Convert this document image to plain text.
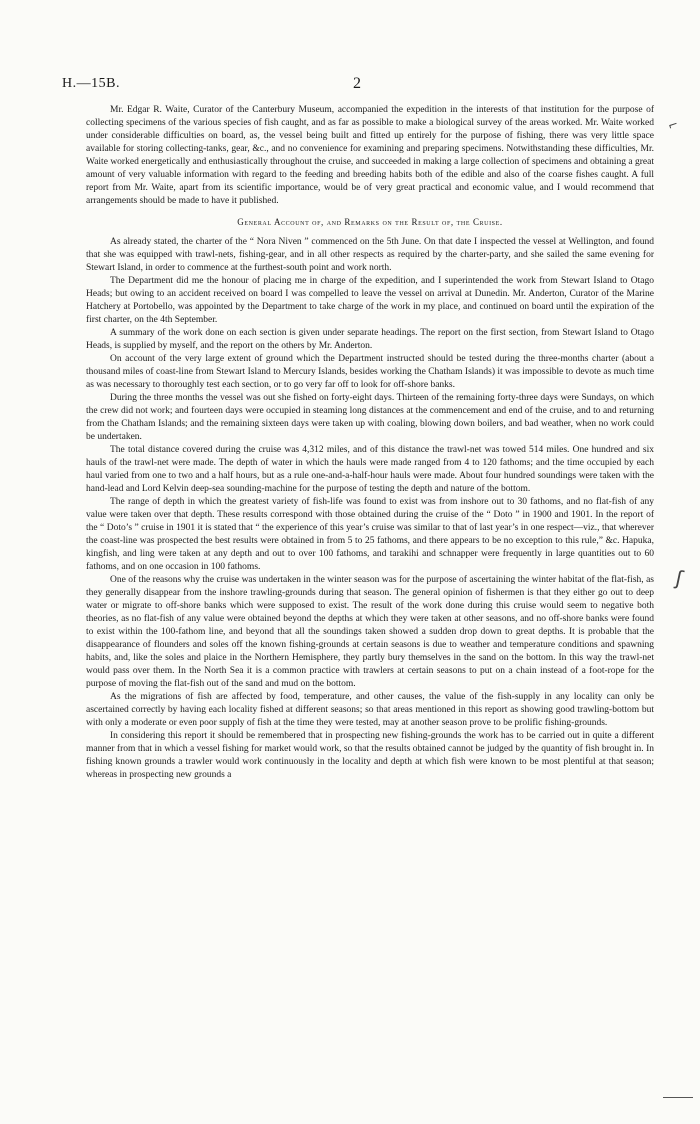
H.—15B.	2

Mr. Edgar R. Waite, Curator of the Canterbury Museum, accompanied the expedition in the interests of that institution for the purpose of collecting specimens of the various species of fish caught, and as far as possible to make a biological survey of the areas worked. Mr. Waite worked under considerable difficulties on board, as, the vessel being built and fitted up entirely for the purpose of fishing, there was very little space available for storing collecting-tanks, gear, &c., and no convenience for examining and preparing specimens. Notwithstanding these difficulties, Mr. Waite worked energetically and enthusiastically throughout the cruise, and succeeded in making a large collection of specimens and obtaining a great amount of very valuable information with regard to the feeding and breeding habits both of the edible and also of the coarse fishes caught. A full report from Mr. Waite, apart from its scientific importance, would be of very great practical and economic value, and I would recommend that arrangements should be made to have it published.

General Account of, and Remarks on the Result of, the Cruise.

As already stated, the charter of the “ Nora Niven ” commenced on the 5th June. On that date I inspected the vessel at Wellington, and found that she was equipped with trawl-nets, fishing-gear, and in all other respects as required by the charter-party, and she sailed the same evening for Stewart Island, in order to commence at the furthest-south point and work north.

The Department did me the honour of placing me in charge of the expedition, and I superintended the work from Stewart Island to Otago Heads; but owing to an accident received on board I was compelled to leave the vessel on arrival at Dunedin. Mr. Anderton, Curator of the Marine Hatchery at Portobello, was appointed by the Department to take charge of the work in my place, and continued on board until the expiration of the first charter, on the 4th September.

A summary of the work done on each section is given under separate headings. The report on the first section, from Stewart Island to Otago Heads, is supplied by myself, and the report on the others by Mr. Anderton.

On account of the very large extent of ground which the Department instructed should be tested during the three-months charter (about a thousand miles of coast-line from Stewart Island to Mercury Islands, besides working the Chatham Islands) it was impossible to devote as much time as was necessary to thoroughly test each section, or to go very far off to look for off-shore banks.

During the three months the vessel was out she fished on forty-eight days. Thirteen of the remaining forty-three days were Sundays, on which the crew did not work; and fourteen days were occupied in steaming long distances at the commencement and end of the cruise, and to and returning from the Chatham Islands; and the remaining sixteen days were taken up with coaling, blowing down boilers, and bad weather, when no work could be undertaken.

The total distance covered during the cruise was 4,312 miles, and of this distance the trawl-net was towed 514 miles. One hundred and six hauls of the trawl-net were made. The depth of water in which the hauls were made ranged from 4 to 120 fathoms; and the time occupied by each haul varied from one to two and a half hours, but as a rule one-and-a-half-hour hauls were made. About four hundred soundings were taken with the hand-lead and Lord Kelvin deep-sea sounding-machine for the purpose of testing the depth and nature of the bottom.

The range of depth in which the greatest variety of fish-life was found to exist was from inshore out to 30 fathoms, and no flat-fish of any value were taken over that depth. These results correspond with those obtained during the cruise of the “ Doto ” in 1900 and 1901. In the report of the “ Doto’s ” cruise in 1901 it is stated that “ the experience of this year’s cruise was similar to that of last year’s in one respect—viz., that wherever the coast-line was prospected the best results were obtained in from 5 to 25 fathoms, and there appears to be no exception to this rule,” &c. Hapuka, kingfish, and ling were taken at any depth and out to over 100 fathoms, and tarakihi and schnapper were frequently in large quantities out to 60 fathoms, and on one occasion in 100 fathoms.

One of the reasons why the cruise was undertaken in the winter season was for the purpose of ascertaining the winter habitat of the flat-fish, as they generally disappear from the inshore trawling-grounds during that season. The general opinion of fishermen is that they either go out to deep water or migrate to off-shore banks which were supposed to exist. The result of the work done during this cruise would seem to negative both theories, as no flat-fish of any value were obtained beyond the depths at which they were taken at other seasons, and no off-shore banks were found to exist within the 100-fathom line, and beyond that all the soundings taken showed a sudden drop down to great depths. It is probable that the disappearance of flounders and soles off the known fishing-grounds at certain seasons is due to weather and temperature conditions and spawning habits, and, like the soles and plaice in the Northern Hemisphere, they partly bury themselves in the sand on the bottom. In this way the trawl-net would pass over them. In the North Sea it is a common practice with trawlers at certain seasons to put on a chain instead of a foot-rope for the purpose of moving the flat-fish out of the sand and mud on the bottom.

As the migrations of fish are affected by food, temperature, and other causes, the value of the fish-supply in any locality can only be ascertained correctly by having each locality fished at different seasons; so that areas mentioned in this report as showing good trawling-bottom but with only a moderate or even poor supply of fish at the time they were tested, may at another season prove to be prolific fishing-grounds.

In considering this report it should be remembered that in prospecting new fishing-grounds the work has to be carried out in quite a different manner from that in which a vessel fishing for market would work, so that the results obtained cannot be judged by the quantity of fish brought in. In fishing known grounds a trawler would work continuously in the locality and depth at which fish were known to be most plentiful at that season; whereas in prospecting new grounds a

⌐
ʃ
